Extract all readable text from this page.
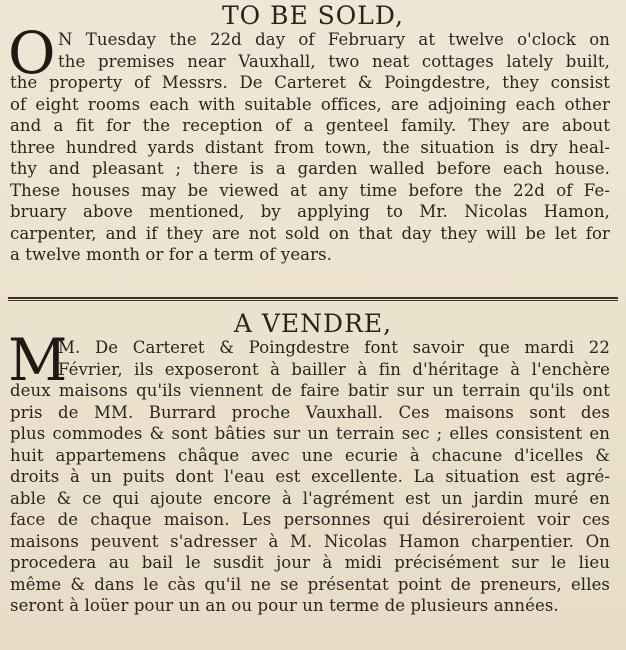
TO BE SOLD,
O N Tuesday the 22d day of February at twelve o'clock on
the premises near Vauxhall, two neat cottages lately built,
the property of Messrs. De Carteret & Poingdestre, they consist
of eight rooms each with suitable offices, are adjoining each other
and a fit for the reception of a genteel family. They are about
three hundred yards distant from town, the situation is dry heal-
thy and pleasant ; there is a garden walled before each house.
These houses may be viewed at any time before the 22d of Fe-
bruary above mentioned, by applying to Mr. Nicolas Hamon,
carpenter, and if they are not sold on that day they will be let for
a twelve month or for a term of years.
A VENDRE,
M
M. De Carteret & Poingdestre font savoir que mardi 22
Février, ils exposeront à bailler à fin d'héritage à l'enchère
deux maisons qu'ils viennent de faire batir sur un terrain qu'ils ont
pris de MM. Burrard proche Vauxhall. Ces maisons sont des
plus commodes & sont bâties sur un terrain sec ; elles consistent en
huit appartemens châque avec une ecurie à chacune d'icelles &
droits à un puits dont l'eau est excellente. La situation est agré-
able & ce qui ajoute encore à l'agrément est un jardin muré en
face de chaque maison. Les personnes qui désireroient voir ces
maisons peuvent s'adresser à M. Nicolas Hamon charpentier. On
procedera au bail le susdit jour à midi précisément sur le lieu
même & dans le càs qu'il ne se présentat point de preneurs, elles
seront à loüer pour un an ou pour un terme de plusieurs années.
